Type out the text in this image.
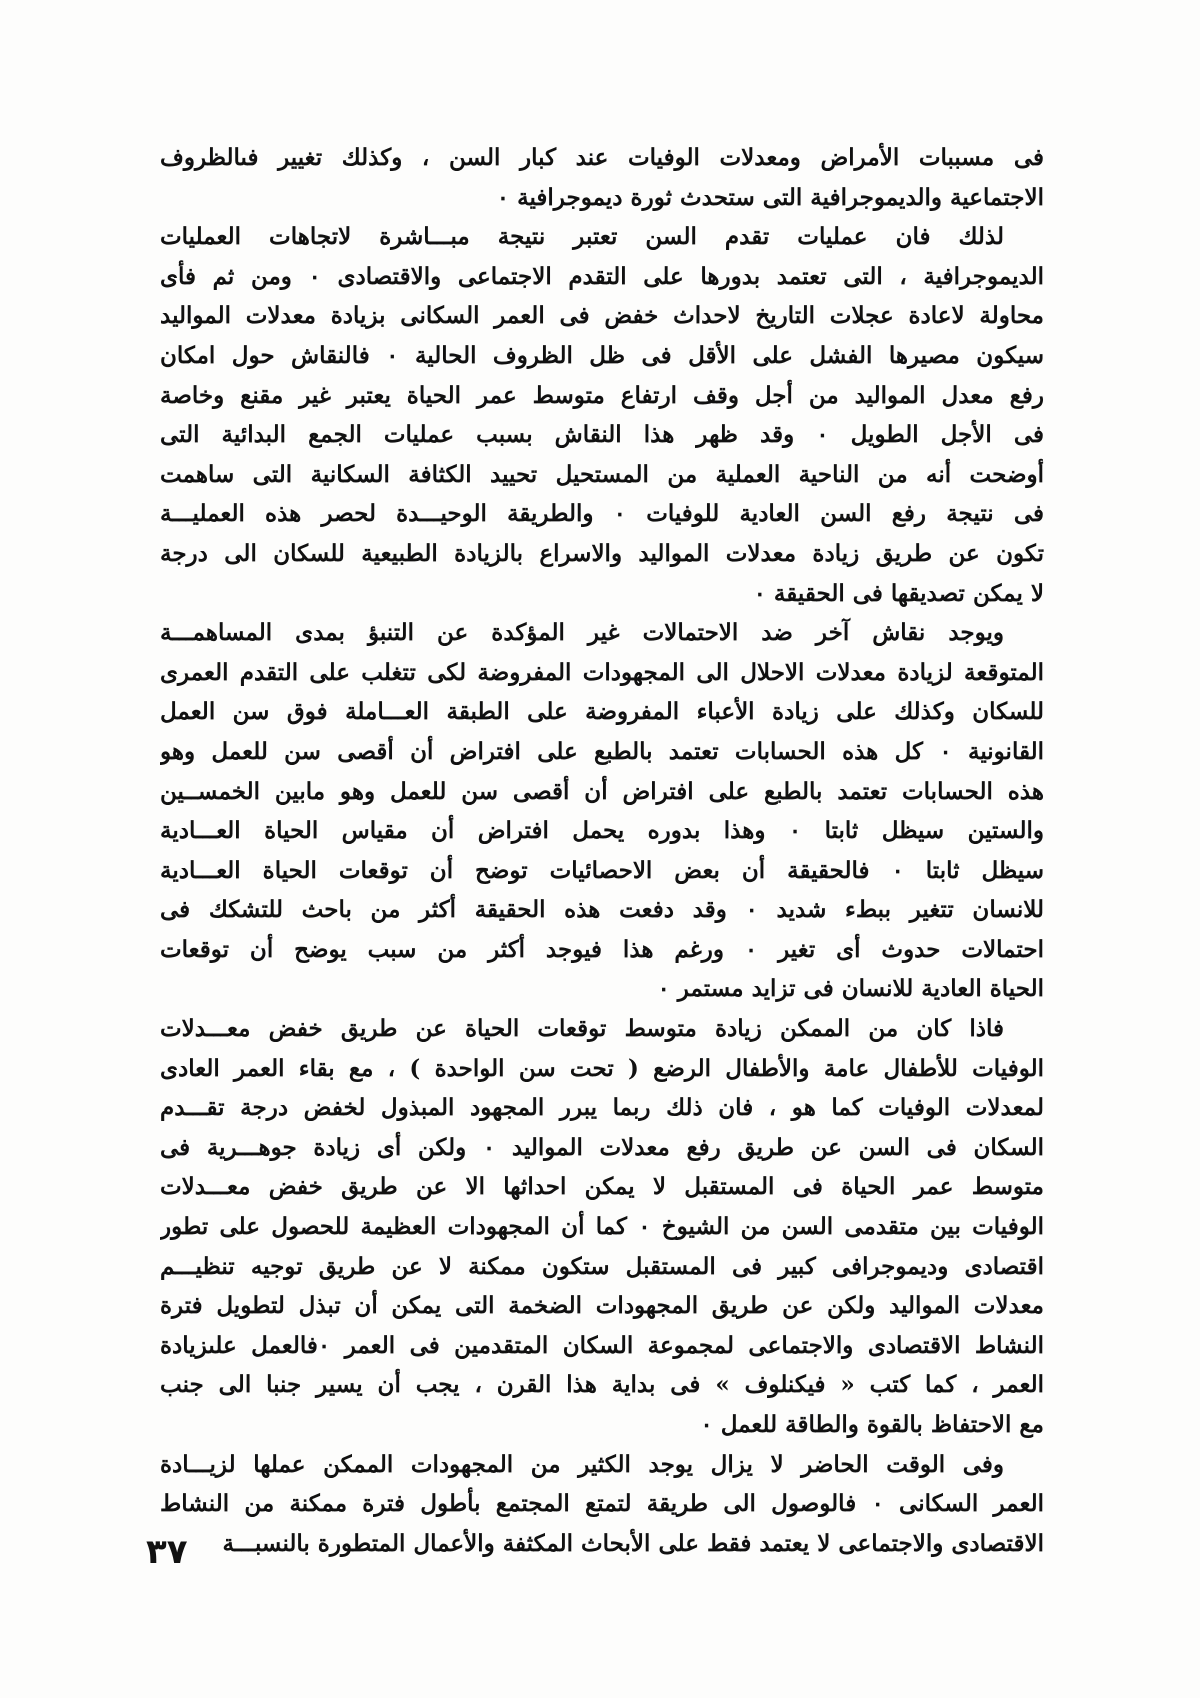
فى مسببات الأمراض ومعدلات الوفيات عند كبار السن ، وكذلك تغيير فىالظروف
الاجتماعية والديموجرافية التى ستحدث ثورة ديموجرافية ٠
لذلك فان عمليات تقدم السن تعتبر نتيجة مبـــاشرة لاتجاهات العمليات
الديموجرافية ، التى تعتمد بدورها على التقدم الاجتماعى والاقتصادى ٠ ومن ثم فأى
محاولة لاعادة عجلات التاريخ لاحداث خفض فى العمر السكانى بزيادة معدلات المواليد
سيكون مصيرها الفشل على الأقل فى ظل الظروف الحالية ٠ فالنقاش حول امكان
رفع معدل المواليد من أجل وقف ارتفاع متوسط عمر الحياة يعتبر غير مقنع وخاصة
فى الأجل الطويل ٠ وقد ظهر هذا النقاش بسبب عمليات الجمع البدائية التى
أوضحت أنه من الناحية العملية من المستحيل تحييد الكثافة السكانية التى ساهمت
فى نتيجة رفع السن العادية للوفيات ٠ والطريقة الوحيـــدة لحصر هذه العمليـــة
تكون عن طريق زيادة معدلات المواليد والاسراع بالزيادة الطبيعية للسكان الى درجة
لا يمكن تصديقها فى الحقيقة ٠
ويوجد نقاش آخر ضد الاحتمالات غير المؤكدة عن التنبؤ بمدى المساهمـــة
المتوقعة لزيادة معدلات الاحلال الى المجهودات المفروضة لكى تتغلب على التقدم العمرى
للسكان وكذلك على زيادة الأعباء المفروضة على الطبقة العـــاملة فوق سن العمل
القانونية ٠ كل هذه الحسابات تعتمد بالطبع على افتراض أن أقصى سن للعمل وهو
هذه الحسابات تعتمد بالطبع على افتراض أن أقصى سن للعمل وهو مابين الخمســين
والستين سيظل ثابتا ٠ وهذا بدوره يحمل افتراض أن مقياس الحياة العـــادية
سيظل ثابتا ٠ فالحقيقة أن بعض الاحصائيات توضح أن توقعات الحياة العـــادية
للانسان تتغير ببطء شديد ٠ وقد دفعت هذه الحقيقة أكثر من باحث للتشكك فى
احتمالات حدوث أى تغير ٠ ورغم هذا فيوجد أكثر من سبب يوضح أن توقعات
الحياة العادية للانسان فى تزايد مستمر ٠
فاذا كان من الممكن زيادة متوسط توقعات الحياة عن طريق خفض معـــدلات
الوفيات للأطفال عامة والأطفال الرضع ( تحت سن الواحدة ) ، مع بقاء العمر العادى
لمعدلات الوفيات كما هو ، فان ذلك ربما يبرر المجهود المبذول لخفض درجة تقـــدم
السكان فى السن عن طريق رفع معدلات المواليد ٠ ولكن أى زيادة جوهـــرية فى
متوسط عمر الحياة فى المستقبل لا يمكن احداثها الا عن طريق خفض معـــدلات
الوفيات بين متقدمى السن من الشيوخ ٠ كما أن المجهودات العظيمة للحصول على تطور
اقتصادى وديموجرافى كبير فى المستقبل ستكون ممكنة لا عن طريق توجيه تنظيـــم
معدلات المواليد ولكن عن طريق المجهودات الضخمة التى يمكن أن تبذل لتطويل فترة
النشاط الاقتصادى والاجتماعى لمجموعة السكان المتقدمين فى العمر ٠فالعمل علىزيادة
العمر ، كما كتب « فيكنلوف » فى بداية هذا القرن ، يجب أن يسير جنبا الى جنب
مع الاحتفاظ بالقوة والطاقة للعمل ٠
وفى الوقت الحاضر لا يزال يوجد الكثير من المجهودات الممكن عملها لزيـــادة
العمر السكانى ٠ فالوصول الى طريقة لتمتع المجتمع بأطول فترة ممكنة من النشاط
الاقتصادى والاجتماعى لا يعتمد فقط على الأبحاث المكثفة والأعمال المتطورة بالنسبـــة
٣٧
